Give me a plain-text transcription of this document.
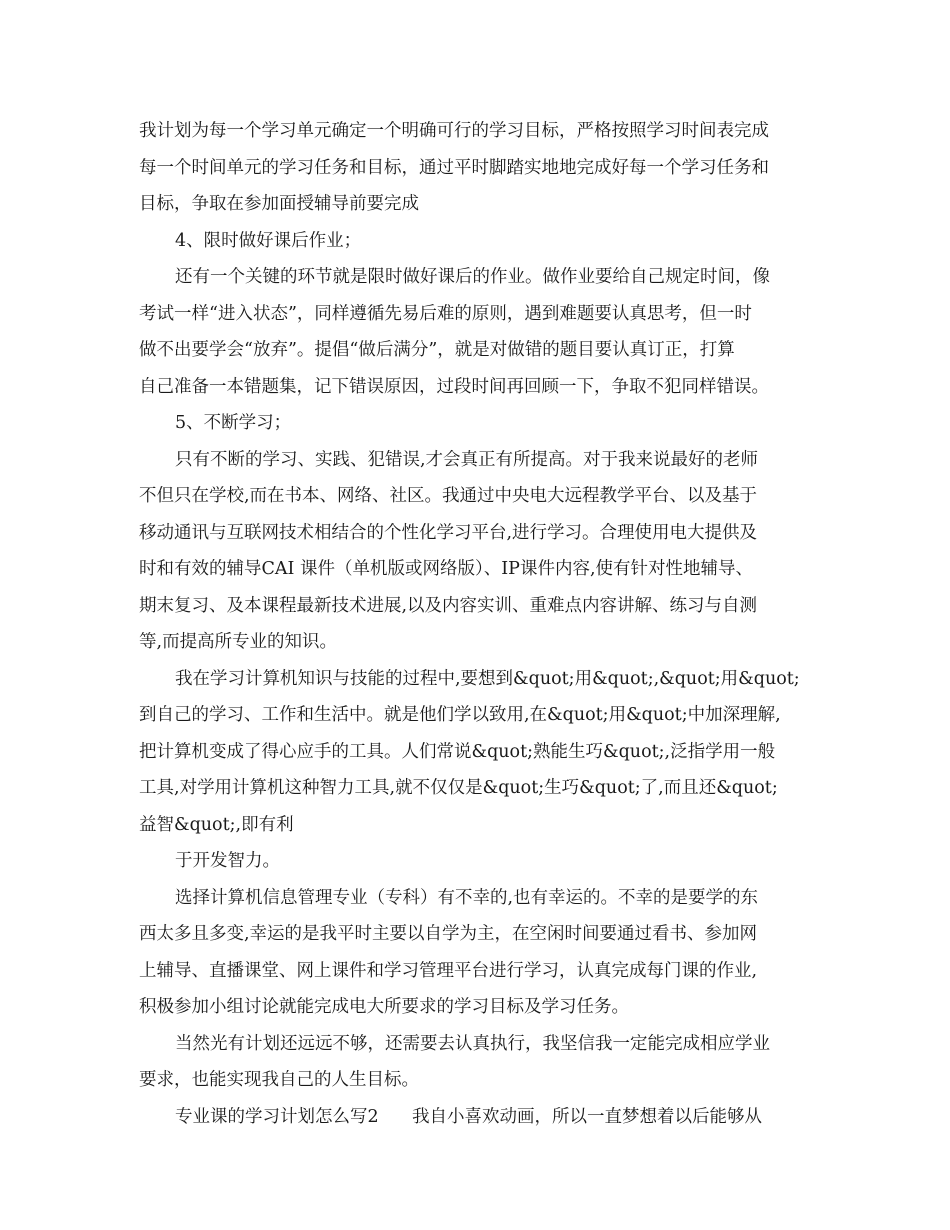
我计划为每一个学习单元确定一个明确可行的学习目标，严格按照学习时间表完成
每一个时间单元的学习任务和目标，通过平时脚踏实地地完成好每一个学习任务和
目标，争取在参加面授辅导前要完成
4、限时做好课后作业；
还有一个关键的环节就是限时做好课后的作业。做作业要给自己规定时间，像
考试一样“进入状态”，同样遵循先易后难的原则，遇到难题要认真思考，但一时
做不出要学会“放弃”。提倡“做后满分”，就是对做错的题目要认真订正，打算
自己准备一本错题集，记下错误原因，过段时间再回顾一下，争取不犯同样错误。
5、不断学习；
只有不断的学习、实践、犯错误,才会真正有所提高。对于我来说最好的老师
不但只在学校,而在书本、网络、社区。我通过中央电大远程教学平台、以及基于
移动通讯与互联网技术相结合的个性化学习平台,进行学习。合理使用电大提供及
时和有效的辅导CAI 课件（单机版或网络版）、IP课件内容,使有针对性地辅导、
期末复习、及本课程最新技术进展,以及内容实训、重难点内容讲解、练习与自测
等,而提高所专业的知识。
我在学习计算机知识与技能的过程中,要想到&quot;用&quot;,&quot;用&quot;
到自己的学习、工作和生活中。就是他们学以致用,在&quot;用&quot;中加深理解,
把计算机变成了得心应手的工具。人们常说&quot;熟能生巧&quot;,泛指学用一般
工具,对学用计算机这种智力工具,就不仅仅是&quot;生巧&quot;了,而且还&quot;
益智&quot;,即有利
于开发智力。
选择计算机信息管理专业（专科）有不幸的,也有幸运的。不幸的是要学的东
西太多且多变,幸运的是我平时主要以自学为主，在空闲时间要通过看书、参加网
上辅导、直播课堂、网上课件和学习管理平台进行学习，认真完成每门课的作业,
积极参加小组讨论就能完成电大所要求的学习目标及学习任务。
当然光有计划还远远不够，还需要去认真执行，我坚信我一定能完成相应学业
要求，也能实现我自己的人生目标。
专业课的学习计划怎么写2      我自小喜欢动画，所以一直梦想着以后能够从
